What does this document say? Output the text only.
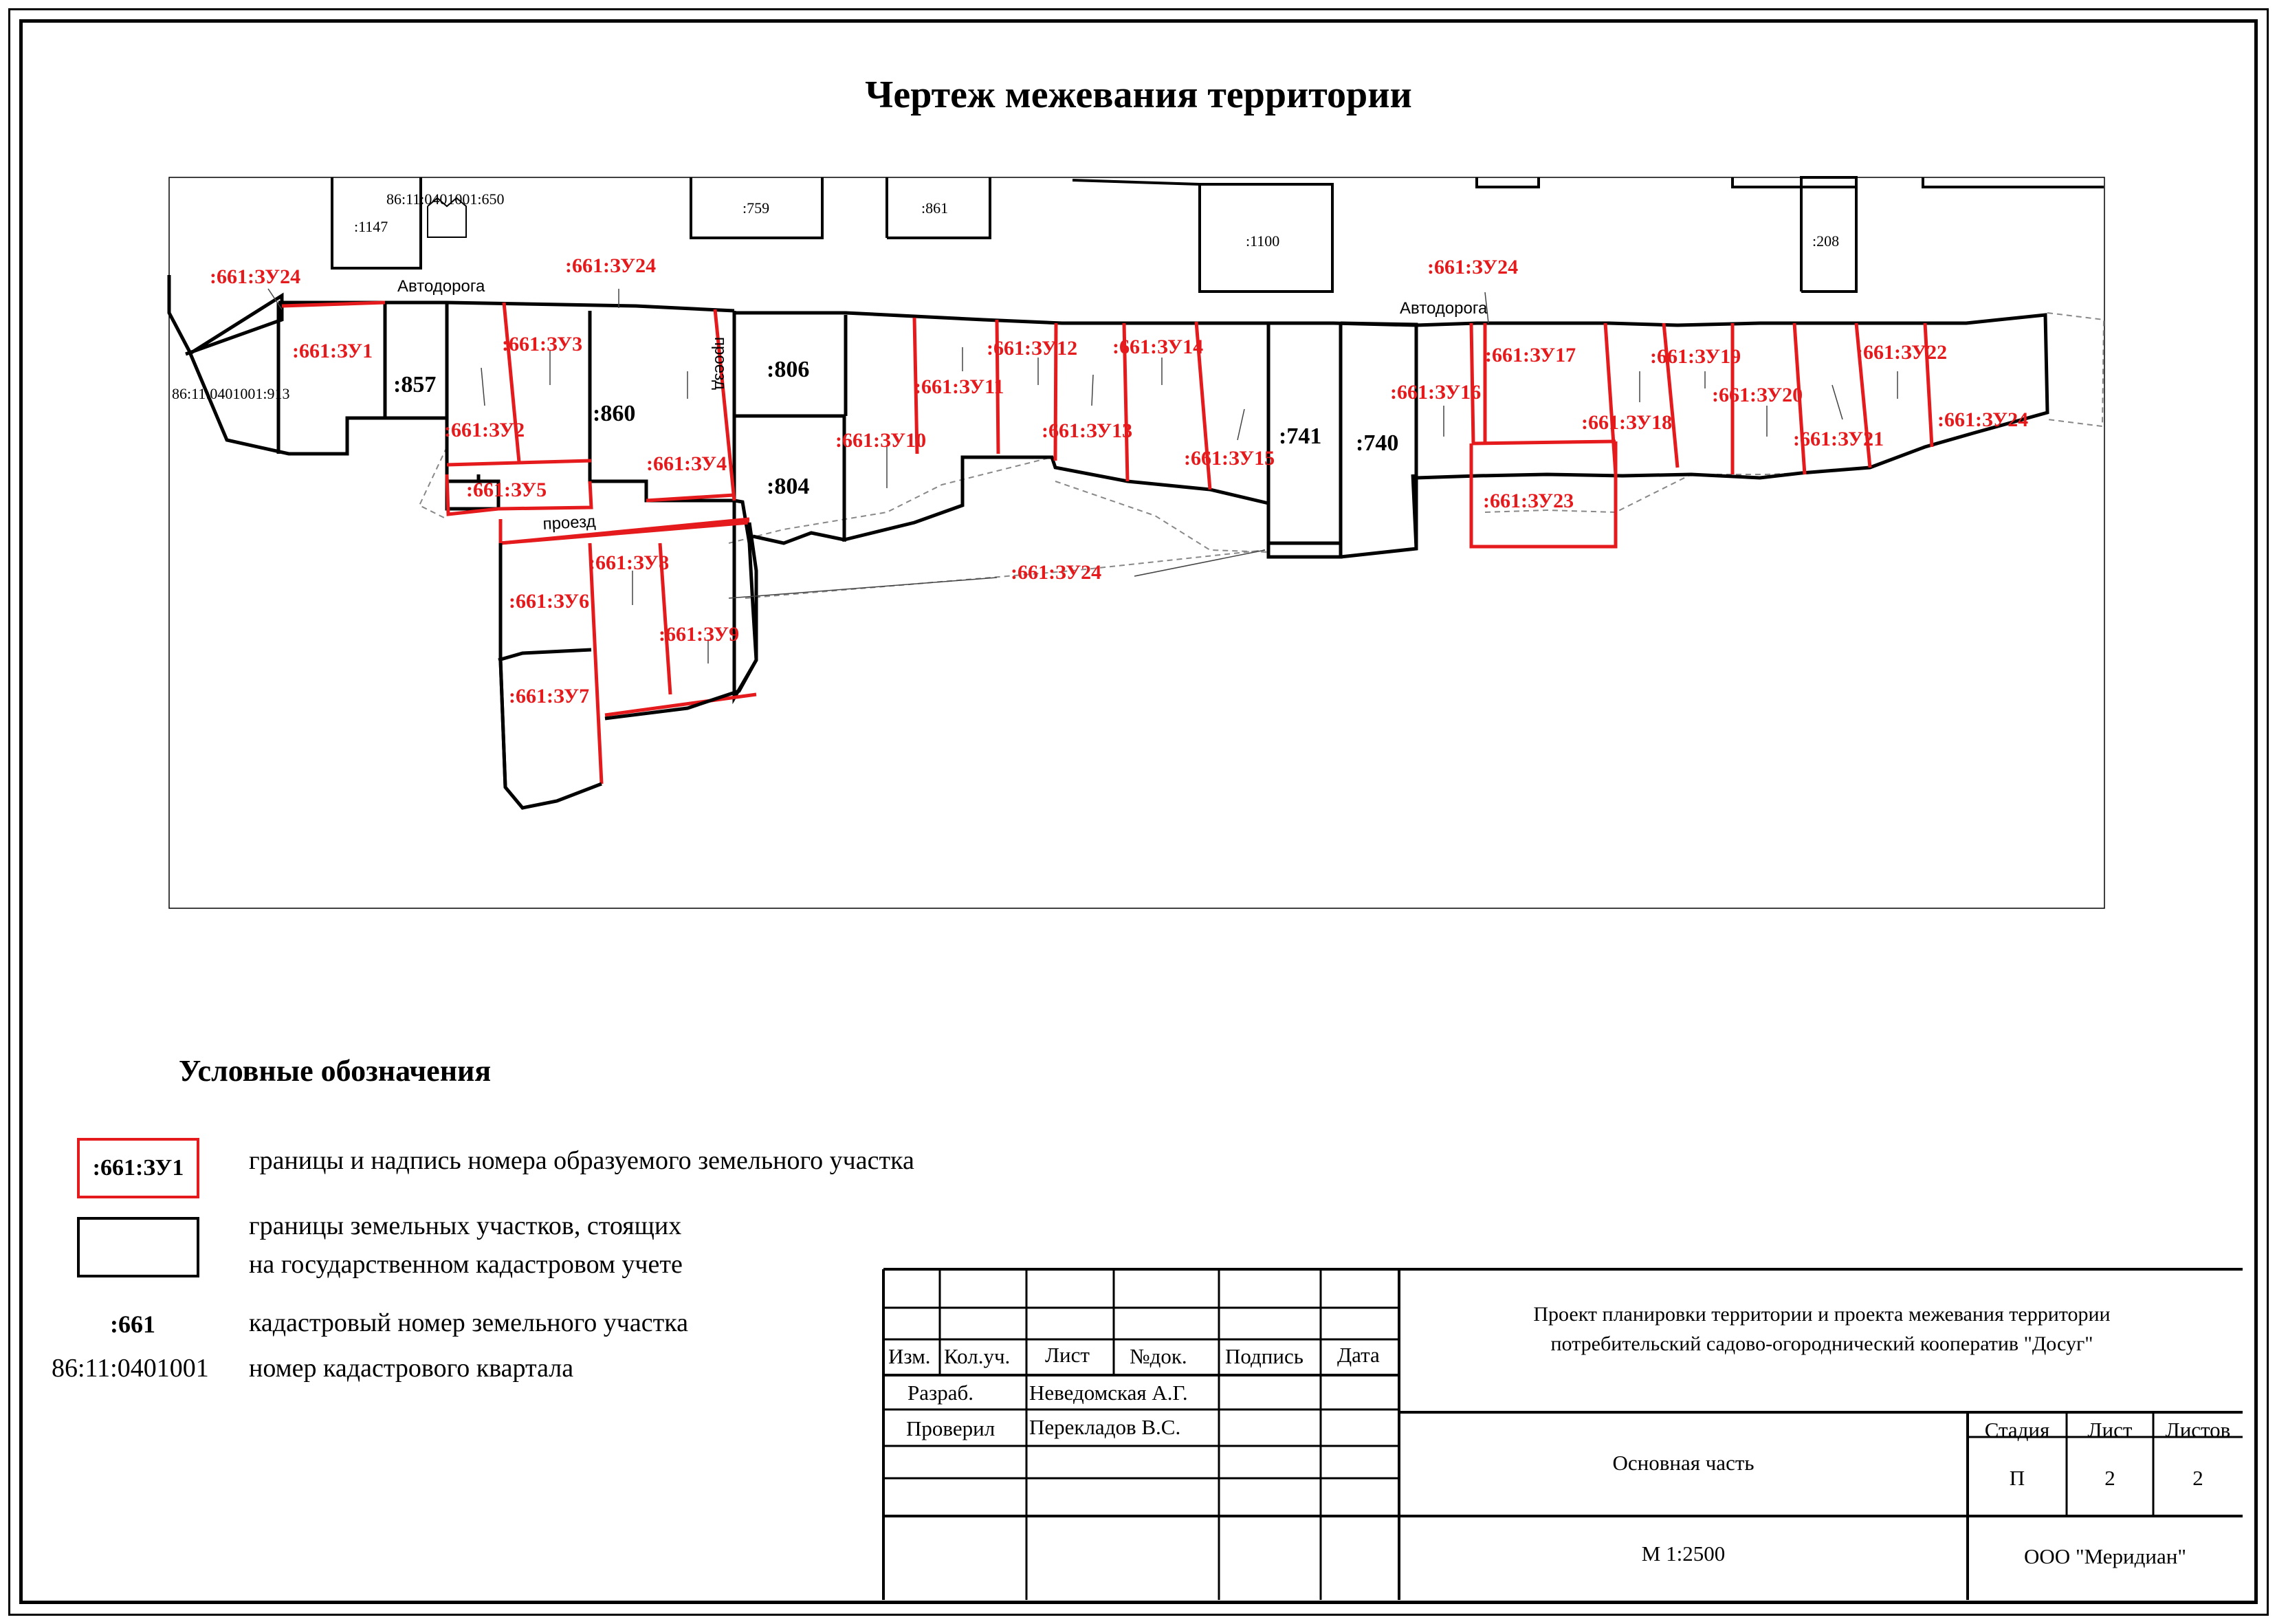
Чертеж межевания территории
:1147
86:11:0401001:650
:759	:861
:1100	:208
86:11:0401001:913
Автодорога
Автодорога
проезд
проезд
:857
:860
:806
:804
:741 :740
:661:ЗУ1
:661:ЗУ2
:661:ЗУ3
:661:ЗУ4
:661:ЗУ5
:661:ЗУ6
:661:ЗУ7
:661:ЗУ8
:661:ЗУ9
:661:ЗУ10
:661:ЗУ11
:661:ЗУ12
:661:ЗУ13
:661:ЗУ14
:661:ЗУ15
:661:ЗУ16
:661:ЗУ17
:661:ЗУ18
:661:ЗУ19
:661:ЗУ20
:661:ЗУ21
:661:ЗУ22
:661:ЗУ23
:661:ЗУ24
:661:ЗУ24	:661:ЗУ24	:661:ЗУ24
:661:ЗУ24
Условные обозначения
:661:ЗУ1 границы и надпись номера образуемого земельного участка
границы земельных участков, стоящих
на государственном кадастровом учете
:661	кадастровый номер земельного участка
86:11:0401001 номер кадастрового квартала	Изм. Кол.уч. Лист №док. Подпись Дата
Разраб.	Неведомская А.Г.
Проверил Перекладов В.С.
Проект планировки территории и проекта межевания территории
потребительский садово-огороднический кооператив "Досуг"
Основная часть
М 1:2500	ООО "Меридиан"
Стадия	Лист	Листов
П	2	2
